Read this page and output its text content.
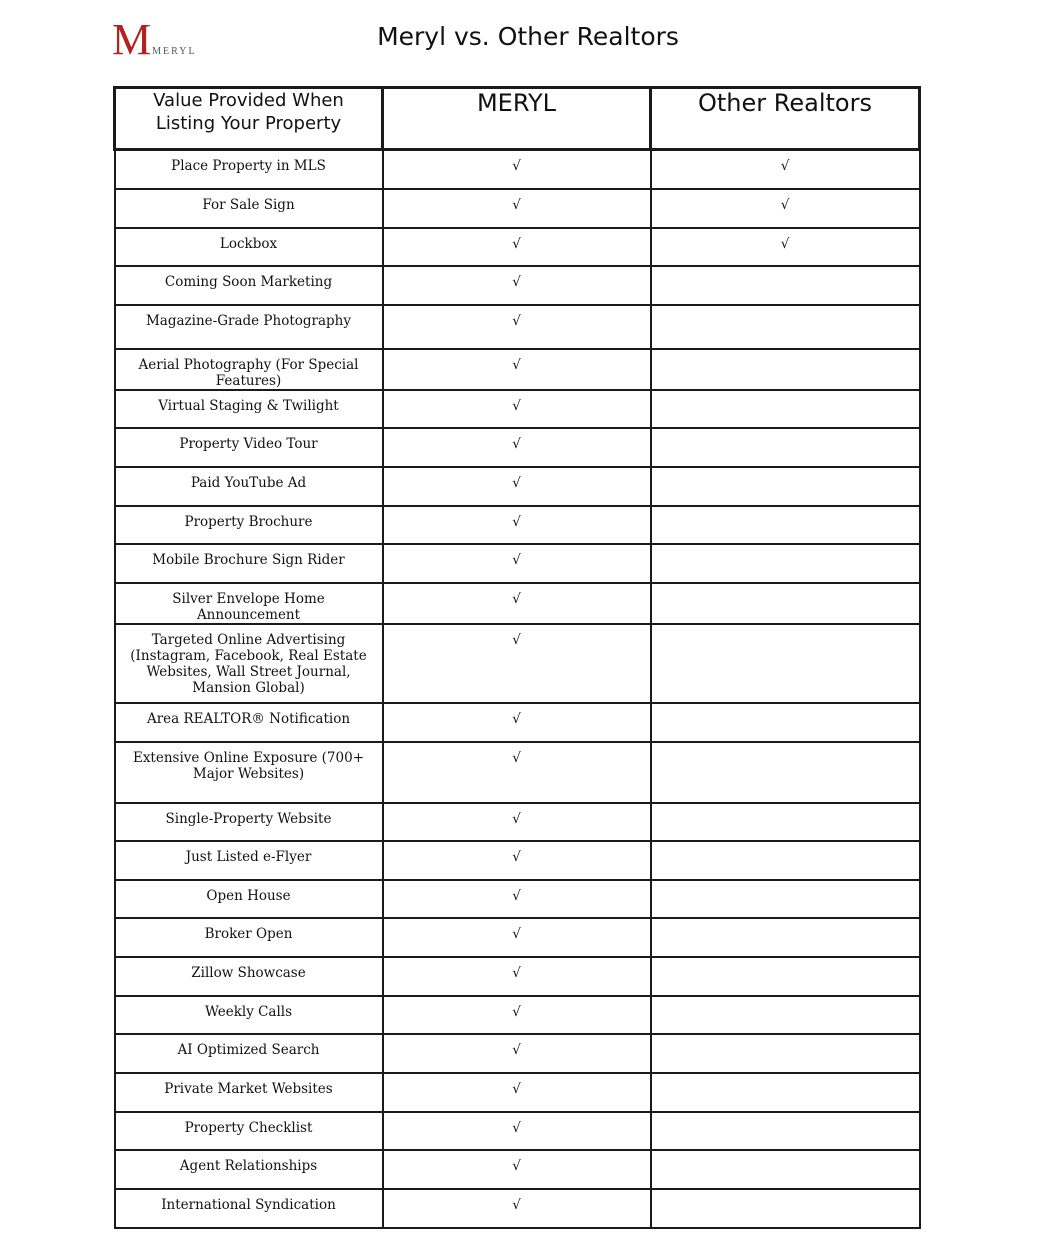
M MERYL
Meryl vs. Other Realtors
Value Provided When Listing Your Property	MERYL	Other Realtors
Place Property in MLS	√	√
For Sale Sign	√	√
Lockbox	√	√
Coming Soon Marketing	√	
Magazine-Grade Photography	√	
Aerial Photography (For Special Features)	√	
Virtual Staging & Twilight	√	
Property Video Tour	√	
Paid YouTube Ad	√	
Property Brochure	√	
Mobile Brochure Sign Rider	√	
Silver Envelope Home Announcement	√	
Targeted Online Advertising (Instagram, Facebook, Real Estate Websites, Wall Street Journal, Mansion Global)	√	
Area REALTOR® Notification	√	
Extensive Online Exposure (700+ Major Websites)	√	
Single-Property Website	√	
Just Listed e-Flyer	√	
Open House	√	
Broker Open	√	
Zillow Showcase	√	
Weekly Calls	√	
AI Optimized Search	√	
Private Market Websites	√	
Property Checklist	√	
Agent Relationships	√	
International Syndication	√	
